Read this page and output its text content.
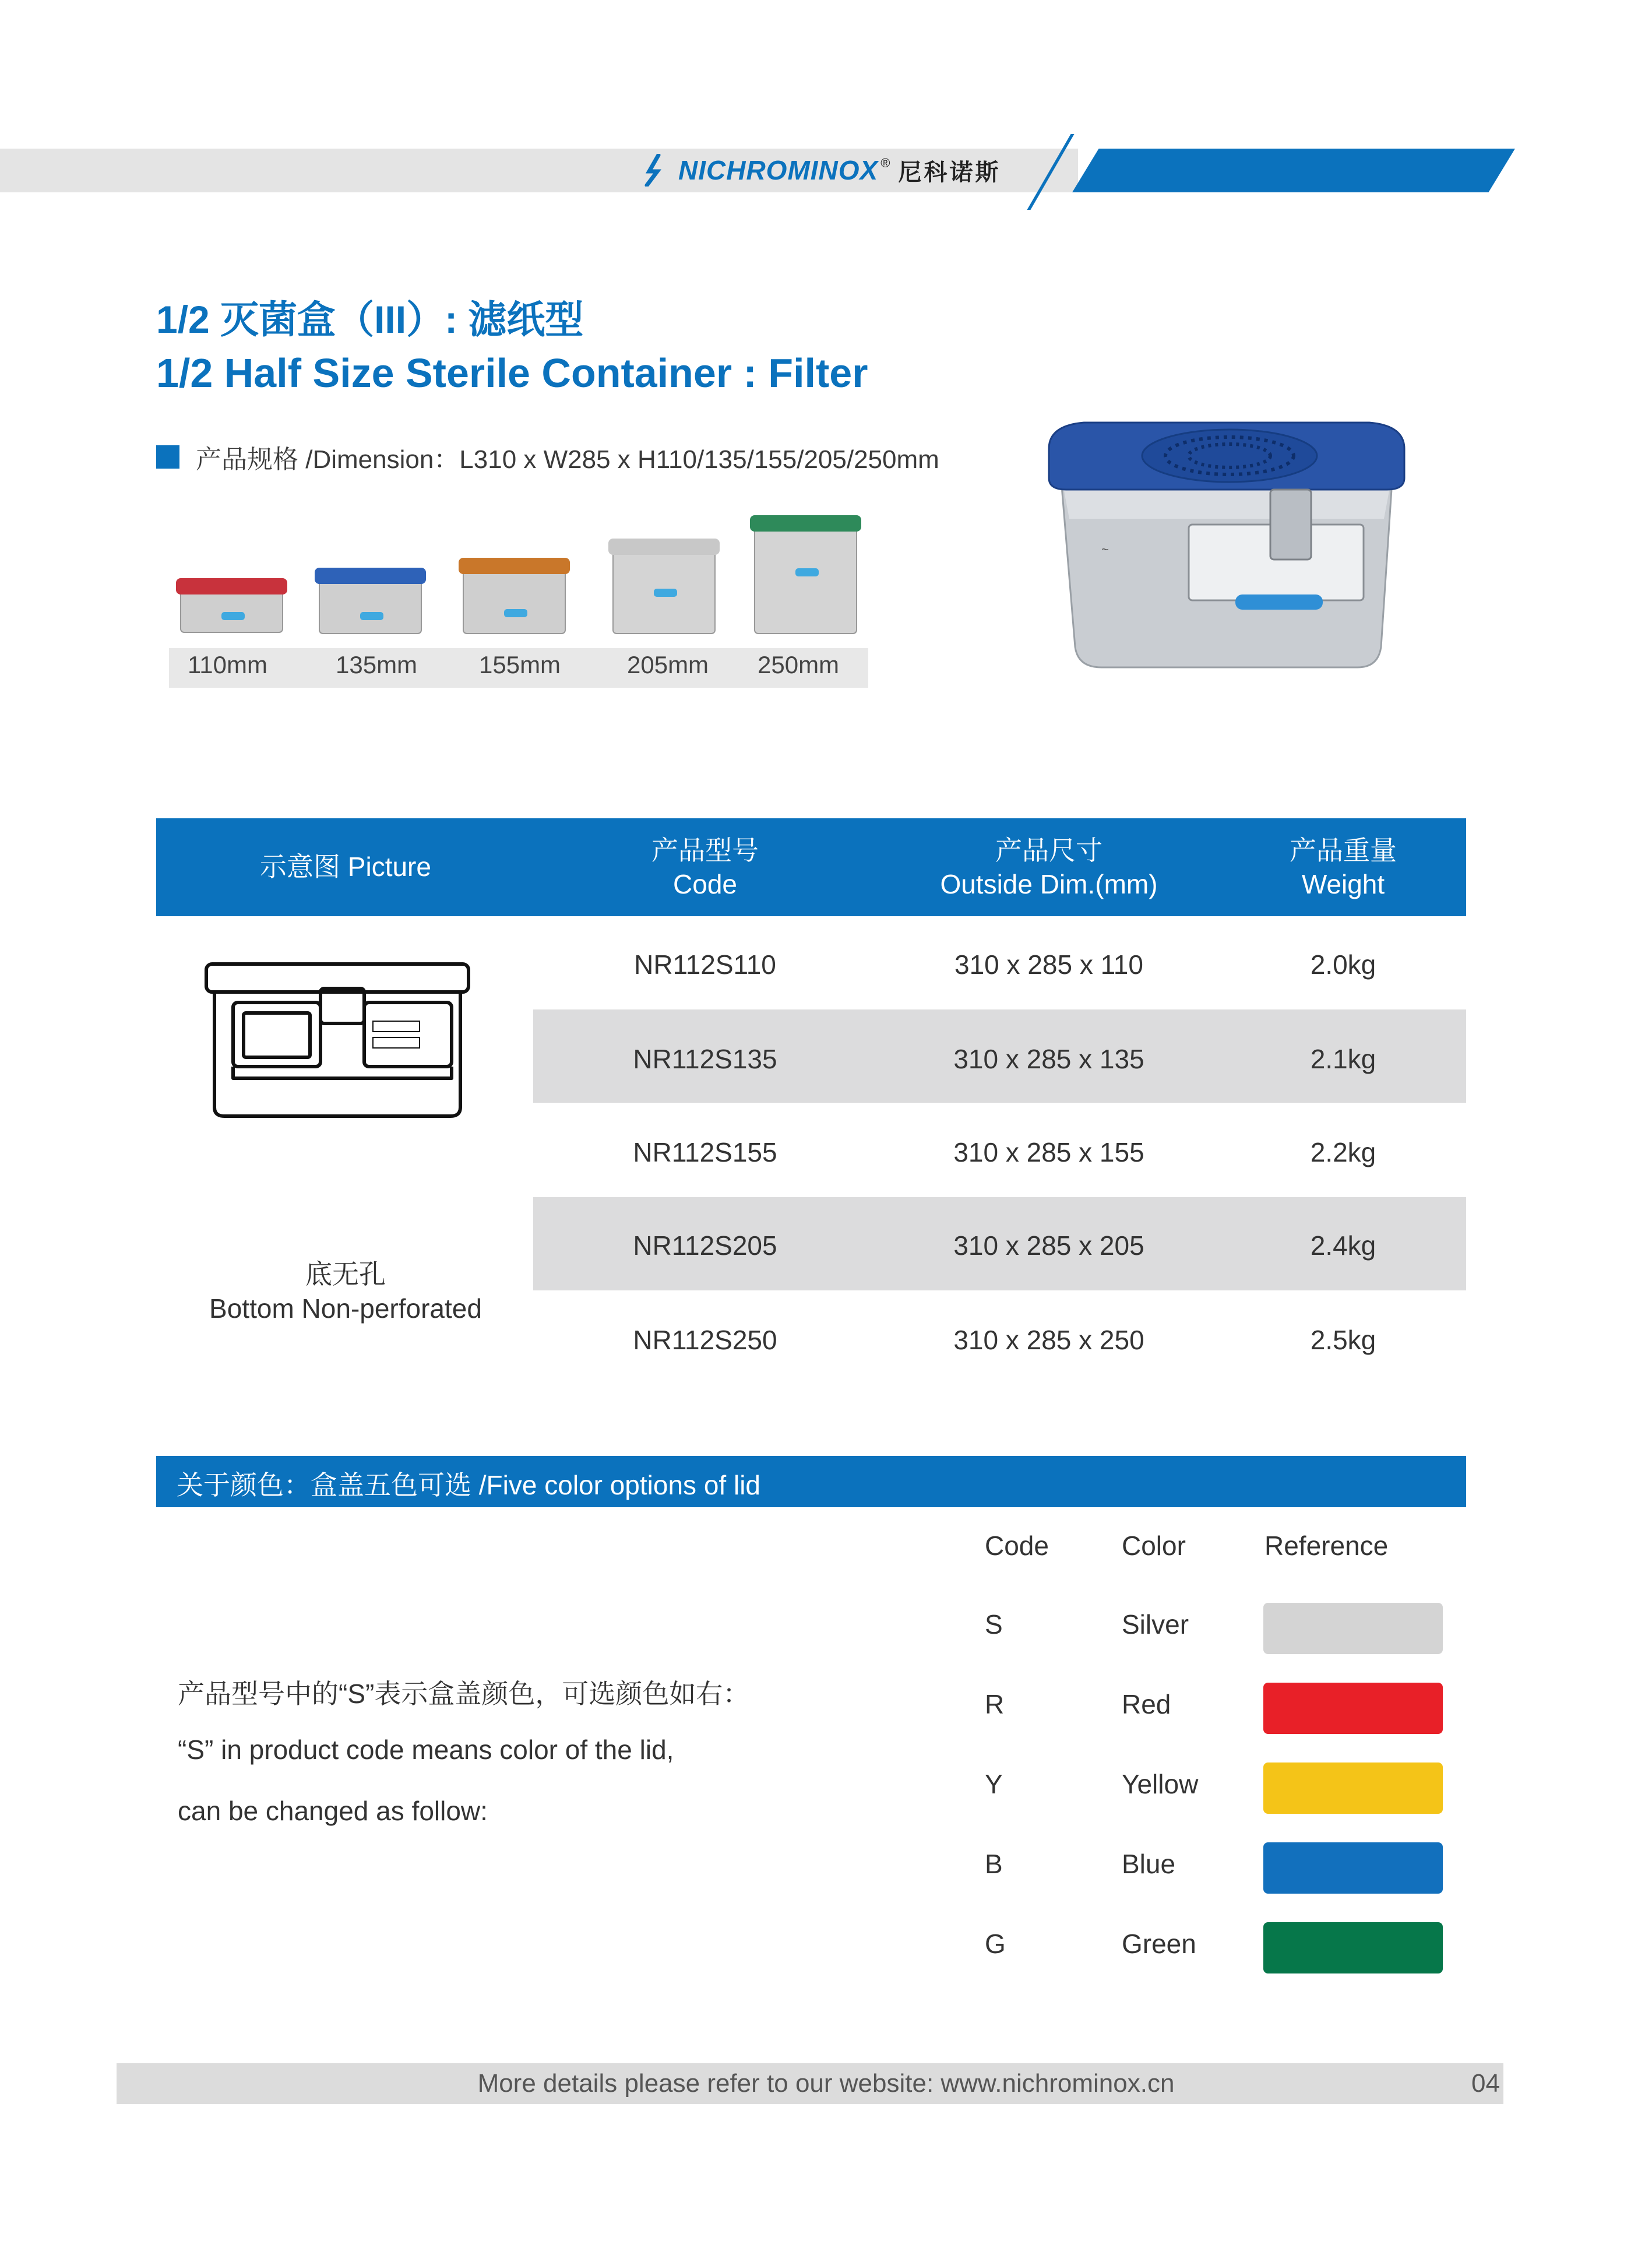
NICHROMINOX ® 尼科诺斯
1/2 灭菌盒（III）: 滤纸型
1/2 Half Size Sterile Container : Filter
产品规格 /Dimension：L310 x W285 x H110/135/155/205/250mm
110mm	135mm	155mm	205mm 250mm
~
示意图 Picture
产品型号
Code
产品尺寸
Outside Dim.(mm)
产品重量
Weight
底无孔
Bottom Non-perforated
NR112S110	310 x 285 x 110	2.0kg
NR112S135	310 x 285 x 135	2.1kg
NR112S155	310 x 285 x 155	2.2kg
NR112S205	310 x 285 x 205	2.4kg
NR112S250	310 x 285 x 250	2.5kg
关于颜色：盒盖五色可选 /Five color options of lid
产品型号中的“S”表示盒盖颜色，可选颜色如右：
“S” in product code means color of the lid,
can be changed as follow:
Code	Color	Reference
S	Silver
R	Red
Y	Yellow
B	Blue
G	Green
More details please refer to our website: www.nichrominox.cn	04
